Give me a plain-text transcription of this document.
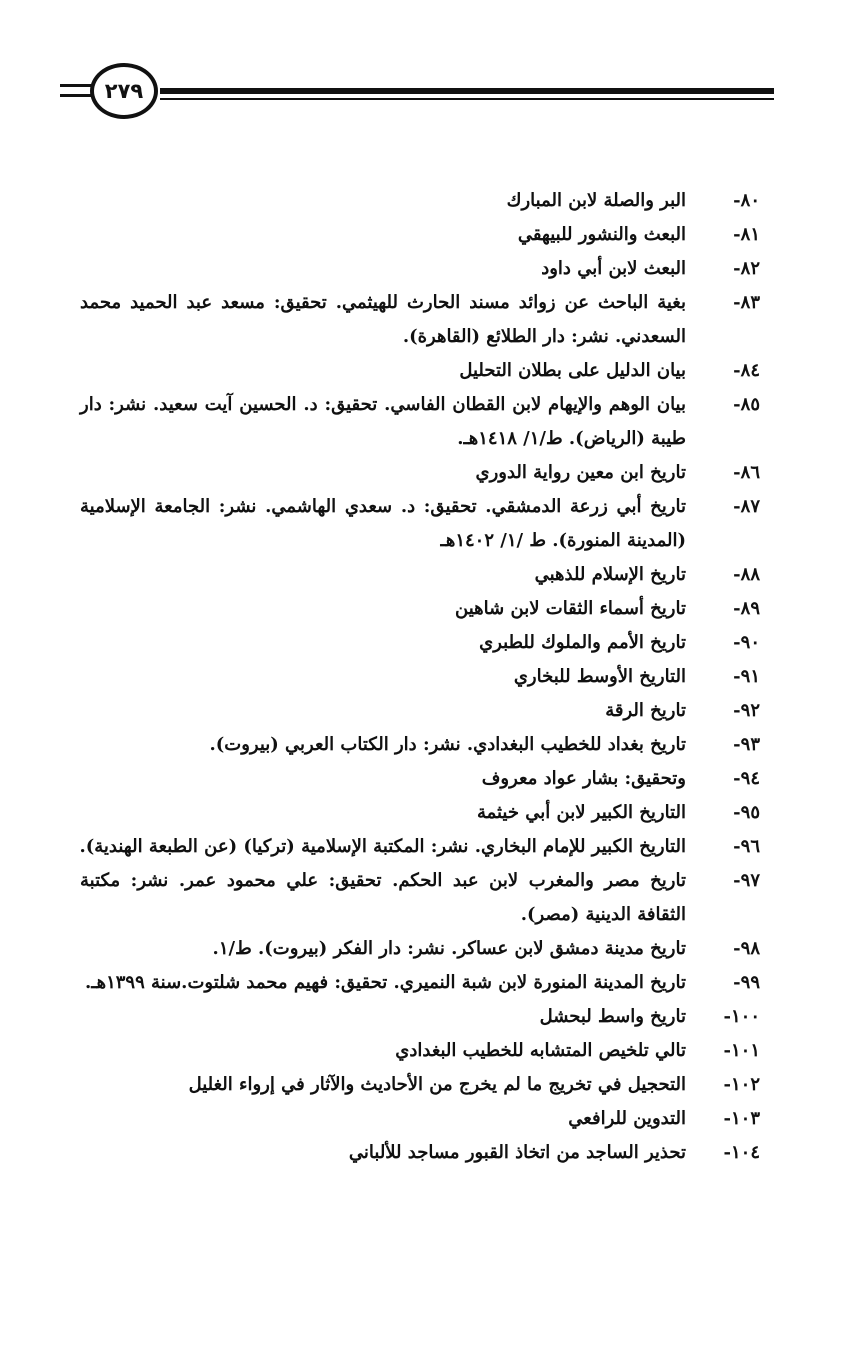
٢٧٩
٨٠-
البر والصلة لابن المبارك
٨١-
البعث والنشور للبيهقي
٨٢-
البعث لابن أبي داود
٨٣-
بغية الباحث عن زوائد مسند الحارث للهيثمي. تحقيق: مسعد عبد الحميد محمد السعدني. نشر: دار الطلائع (القاهرة).
٨٤-
بيان الدليل على بطلان التحليل
٨٥-
بيان الوهم والإيهام لابن القطان الفاسي. تحقيق: د. الحسين آيت سعيد. نشر: دار طيبة (الرياض). ط/١/ ١٤١٨هـ.
٨٦-
تاريخ ابن معين رواية الدوري
٨٧-
تاريخ أبي زرعة الدمشقي. تحقيق: د. سعدي الهاشمي. نشر: الجامعة الإسلامية (المدينة المنورة). ط /١/ ١٤٠٢هـ
٨٨-
تاريخ الإسلام للذهبي
٨٩-
تاريخ أسماء الثقات لابن شاهين
٩٠-
تاريخ الأمم والملوك للطبري
٩١-
التاريخ الأوسط للبخاري
٩٢-
تاريخ الرقة
٩٣-
تاريخ بغداد للخطيب البغدادي. نشر: دار الكتاب العربي (بيروت).
٩٤-
وتحقيق: بشار عواد معروف
٩٥-
التاريخ الكبير لابن أبي خيثمة
٩٦-
التاريخ الكبير للإمام البخاري. نشر: المكتبة الإسلامية (تركيا) (عن الطبعة الهندية).
٩٧-
تاريخ مصر والمغرب لابن عبد الحكم. تحقيق: علي محمود عمر. نشر: مكتبة الثقافة الدينية (مصر).
٩٨-
تاريخ مدينة دمشق لابن عساكر. نشر: دار الفكر (بيروت). ط/١.
٩٩-
تاريخ المدينة المنورة لابن شبة النميري. تحقيق: فهيم محمد شلتوت.سنة ١٣٩٩هـ.
١٠٠-
تاريخ واسط لبحشل
١٠١-
تالي تلخيص المتشابه للخطيب البغدادي
١٠٢-
التحجيل في تخريج ما لم يخرج من الأحاديث والآثار في إرواء الغليل
١٠٣-
التدوين للرافعي
١٠٤-
تحذير الساجد من اتخاذ القبور مساجد للألباني
